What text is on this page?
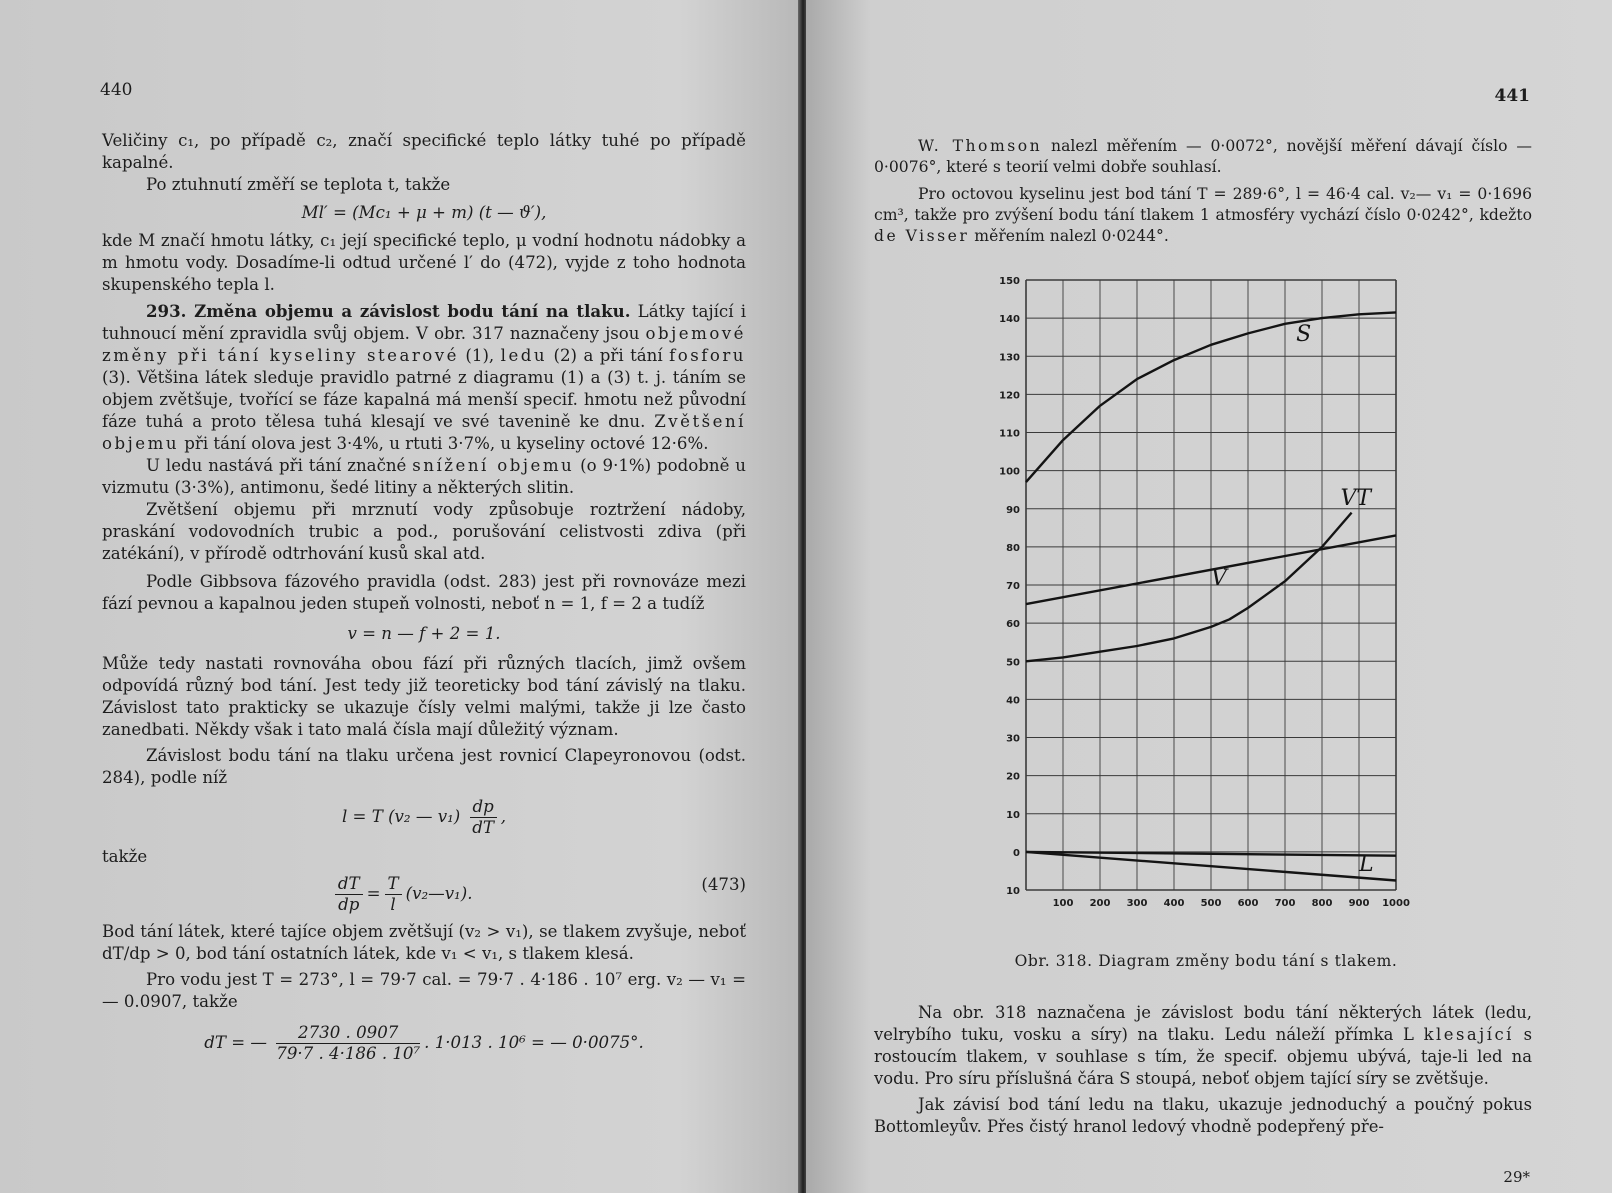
440

Veličiny c₁, po případě c₂, značí specifické teplo látky tuhé po případě kapalné.

Po ztuhnutí změří se teplota t, takže

Ml′ = (Mc₁ + μ + m) (t — ϑ′),

kde M značí hmotu látky, c₁ její specifické teplo, μ vodní hodnotu nádobky a m hmotu vody. Dosadíme-li odtud určené l′ do (472), vyjde z toho hodnota skupenského tepla l.

293. Změna objemu a závislost bodu tání na tlaku. Látky tající i tuhnoucí mění zpravidla svůj objem. V obr. 317 naznačeny jsou objemové změny při tání kyseliny stearové (1), ledu (2) a při tání fosforu (3). Většina látek sleduje pravidlo patrné z diagramu (1) a (3) t. j. táním se objem zvětšuje, tvořící se fáze kapalná má menší specif. hmotu než původní fáze tuhá a proto tělesa tuhá klesají ve své tavenině ke dnu. Zvětšení objemu při tání olova jest 3·4%, u rtuti 3·7%, u kyseliny octové 12·6%.

U ledu nastává při tání značné snížení objemu (o 9·1%) podobně u vizmutu (3·3%), antimonu, šedé litiny a některých slitin.

Zvětšení objemu při mrznutí vody způsobuje roztržení nádoby, praskání vodovodních trubic a pod., porušování celistvosti zdiva (při zatékání), v přírodě odtrhování kusů skal atd.

Podle Gibbsova fázového pravidla (odst. 283) jest při rovnováze mezi fází pevnou a kapalnou jeden stupeň volnosti, neboť n = 1, f = 2 a tudíž

v = n — f + 2 = 1.

Může tedy nastati rovnováha obou fází při různých tlacích, jimž ovšem odpovídá různý bod tání. Jest tedy již teoreticky bod tání závislý na tlaku. Závislost tato prakticky se ukazuje čísly velmi malými, takže ji lze často zanedbati. Někdy však i tato malá čísla mají důležitý význam.

Závislost bodu tání na tlaku určena jest rovnicí Clapeyronovou (odst. 284), podle níž

l = T (v₂ — $v_1) \frac{dp}{dT}$ ,

takže

$\frac{dT}{dp} = \frac{T}{l}$ (v₂—v₁).	(473)

Bod tání látek, které tajíce objem zvětšují (v₂ > v₁), se tlakem zvyšuje, neboť dT/dp > 0, bod tání ostatních látek, kde v₁ < v₁, s tlakem klesá.

Pro vodu jest T = 273°, l = 79·7 cal. = 79·7 . 4·186 . 10⁷ erg. v₂ — v₁ = — 0.0907, takže

dT = — $\frac{2730 . 0907}{\text{79·7 . 4·186 . 10⁷}}$ . 1·013 . 10⁶ = — 0·0075°.

441

W. Thomson nalezl měřením — 0·0072°, novější měření dávají číslo — 0·0076°, které s teorií velmi dobře souhlasí.

Pro octovou kyselinu jest bod tání T = 289·6°, l = 46·4 cal. v₂— v₁ = 0·1696 cm³, takže pro zvýšení bodu tání tlakem 1 atmosféry vychází číslo 0·0242°, kdežto de Visser měřením nalezl 0·0244°.

150
140
130
120
110
100
90
80
70
60
50
40
30
20
10
0
10
100 200 300 400 500 600 700 800 900 1000
S
V
VT
L
Obr. 318. Diagram změny bodu tání s tlakem.

Na obr. 318 naznačena je závislost bodu tání některých látek (ledu, velrybího tuku, vosku a síry) na tlaku. Ledu náleží přímka L klesající s rostoucím tlakem, v souhlase s tím, že specif. objemu ubývá, taje-li led na vodu. Pro síru příslušná čára S stoupá, neboť objem tající síry se zvětšuje.

Jak závisí bod tání ledu na tlaku, ukazuje jednoduchý a poučný pokus Bottomleyův. Přes čistý hranol ledový vhodně podepřený pře-

29*
